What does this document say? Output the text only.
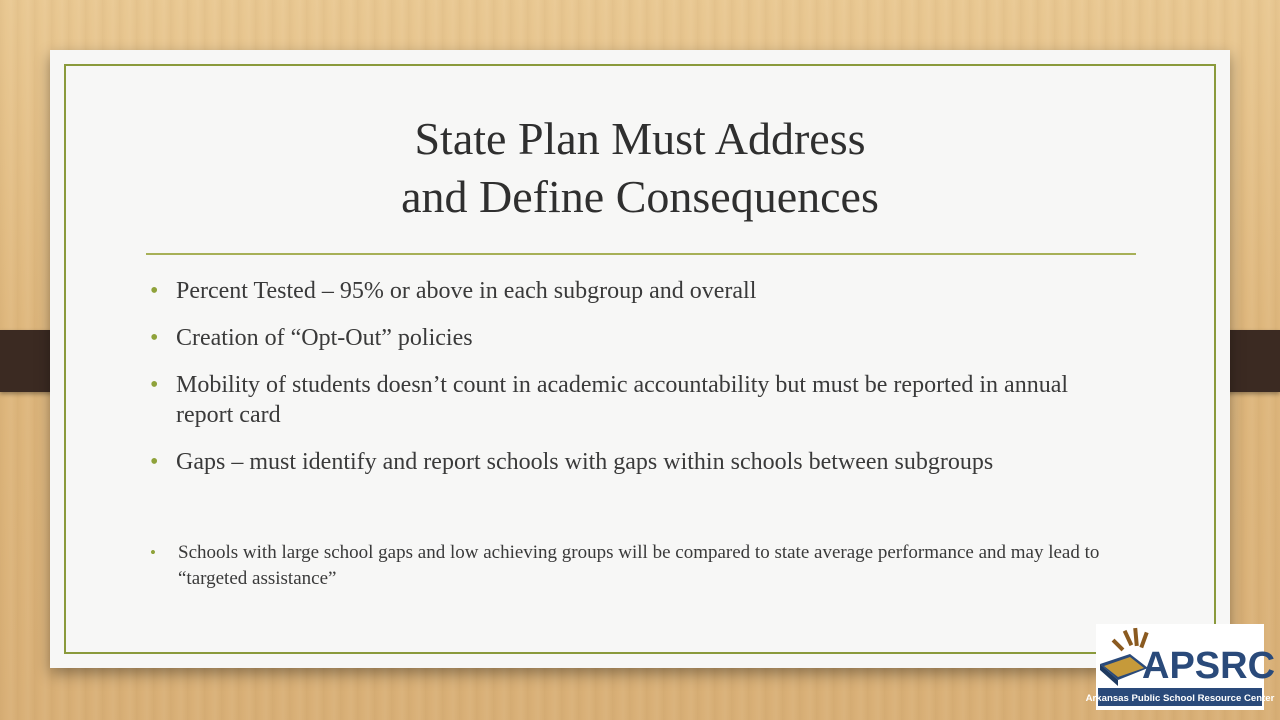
State Plan Must Address
and Define Consequences
• Percent Tested – 95% or above in each subgroup and overall
• Creation of “Opt-Out” policies
• Mobility of students doesn’t count in academic accountability but must be reported in annual report card
• Gaps – must identify and report schools with gaps within schools between subgroups
• Schools with large school gaps and low achieving groups will be compared to state average performance and may lead to “targeted assistance”
APSRC
Arkansas Public School Resource Center
